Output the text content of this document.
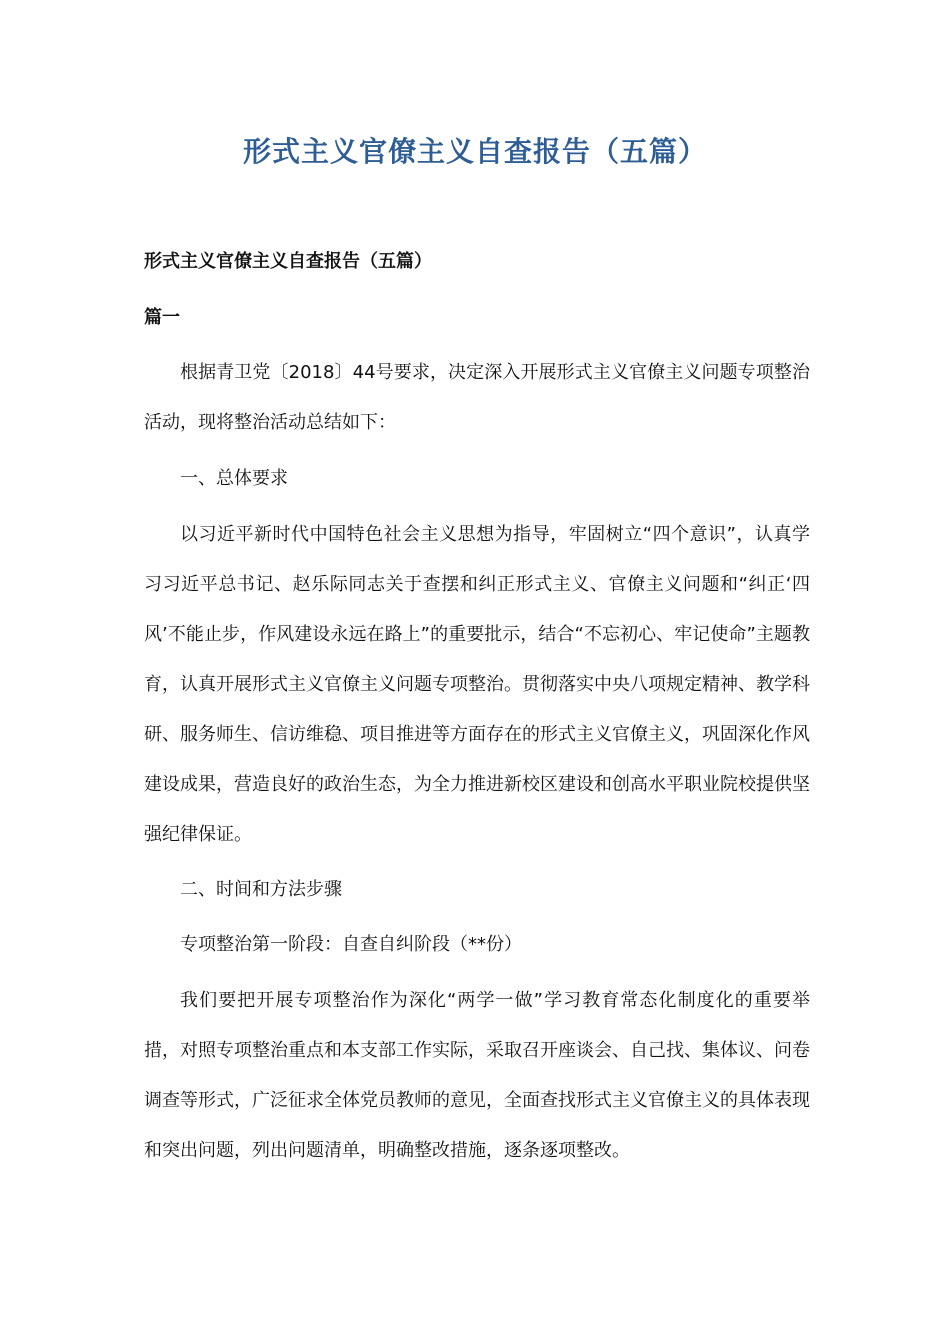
形式主义官僚主义自查报告（五篇）
形式主义官僚主义自查报告（五篇）
篇一

根据青卫党〔2018〕44号要求，决定深入开展形式主义官僚主义问题专项整治活动，现将整治活动总结如下：

一、总体要求

以习近平新时代中国特色社会主义思想为指导，牢固树立“四个意识”，认真学习习近平总书记、赵乐际同志关于查摆和纠正形式主义、官僚主义问题和“纠正‘四风’不能止步，作风建设永远在路上”的重要批示，结合“不忘初心、牢记使命”主题教育，认真开展形式主义官僚主义问题专项整治。贯彻落实中央八项规定精神、教学科研、服务师生、信访维稳、项目推进等方面存在的形式主义官僚主义，巩固深化作风建设成果，营造良好的政治生态，为全力推进新校区建设和创高水平职业院校提供坚强纪律保证。

二、时间和方法步骤

专项整治第一阶段：自查自纠阶段（**份）

我们要把开展专项整治作为深化“两学一做”学习教育常态化制度化的重要举措，对照专项整治重点和本支部工作实际，采取召开座谈会、自己找、集体议、问卷调查等形式，广泛征求全体党员教师的意见，全面查找形式主义官僚主义的具体表现和突出问题，列出问题清单，明确整改措施，逐条逐项整改。
